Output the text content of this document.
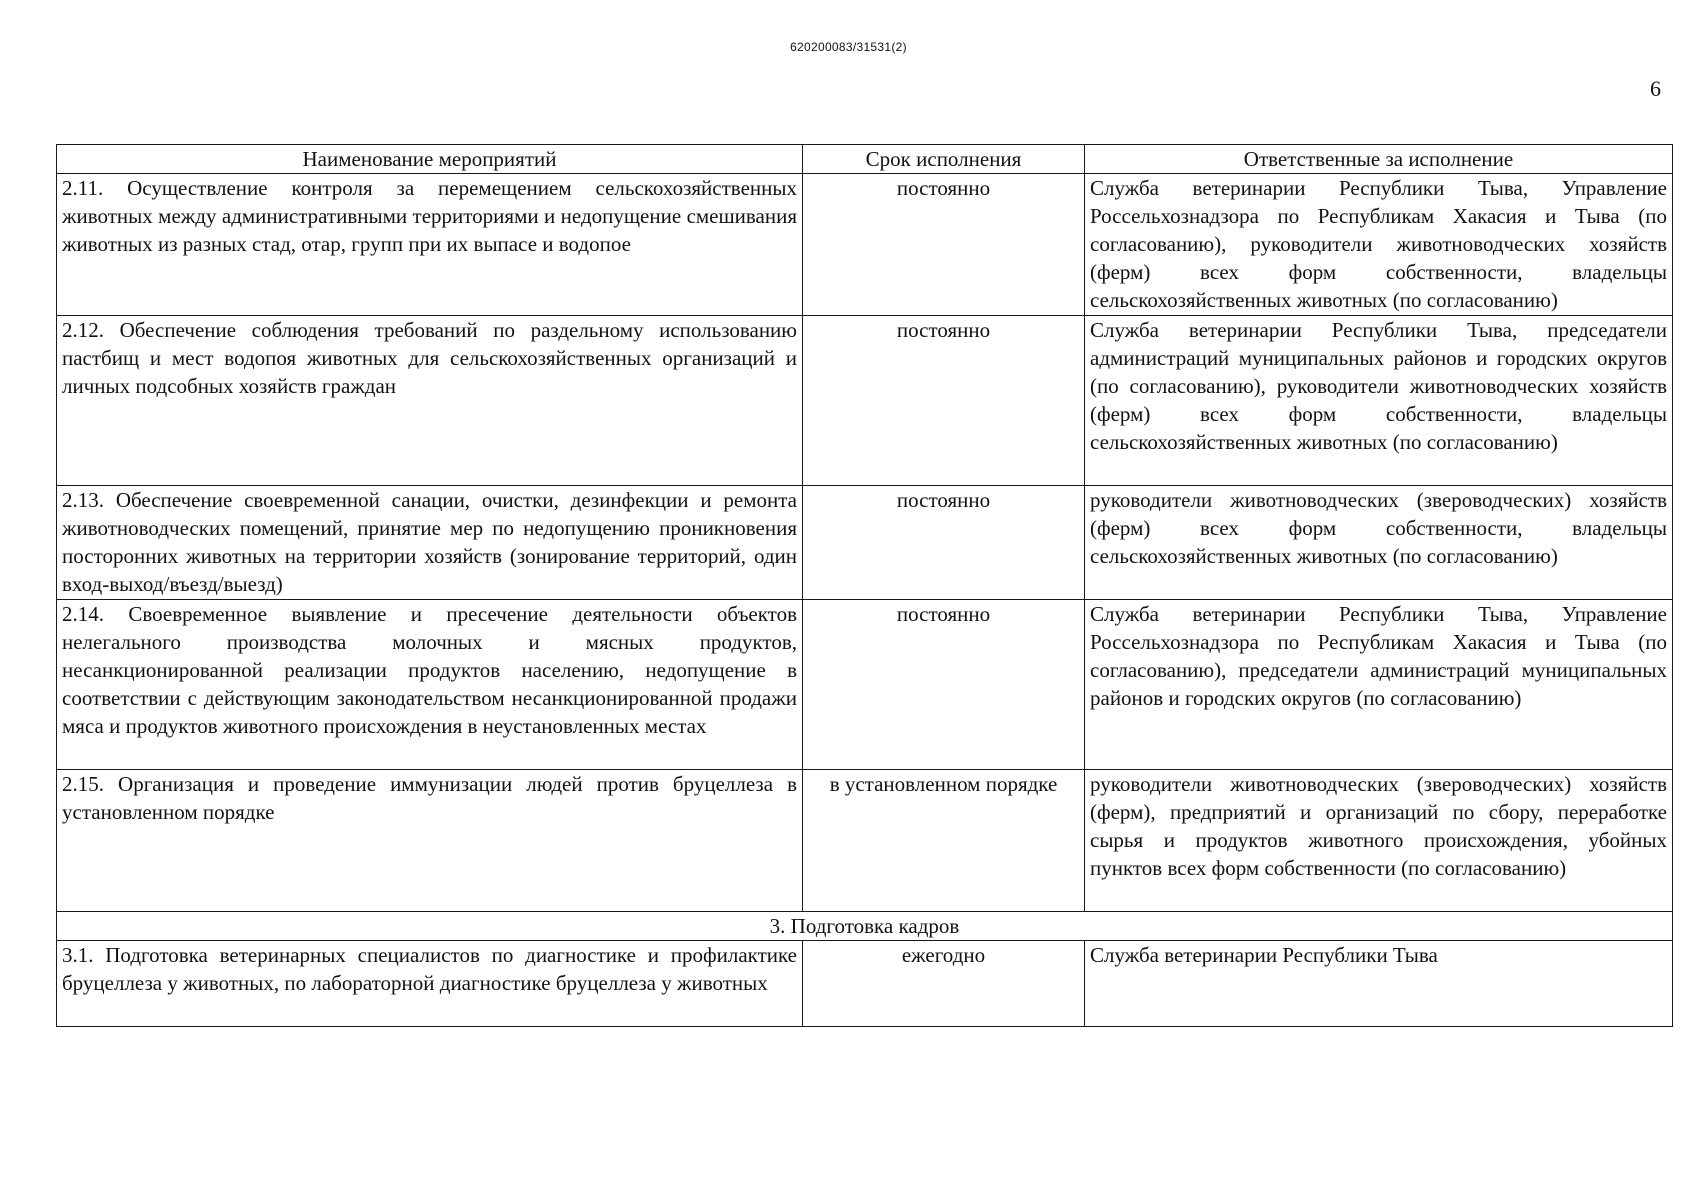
620200083/31531(2)
6
Наименование мероприятий	Срок исполнения	Ответственные за исполнение
2.11. Осуществление контроля за перемещением сельскохозяйственных животных между административными территориями и недопущение смешивания животных из разных стад, отар, групп при их выпасе и водопое	постоянно	Служба ветеринарии Республики Тыва, Управление Россельхознадзора по Республикам Хакасия и Тыва (по согласованию), руководители животноводческих хозяйств (ферм) всех форм собственности, владельцы сельскохозяйственных животных (по согласованию)
2.12. Обеспечение соблюдения требований по раздельному использованию пастбищ и мест водопоя животных для сельскохозяйственных организаций и личных подсобных хозяйств граждан	постоянно	Служба ветеринарии Республики Тыва, председатели администраций муниципальных районов и городских округов (по согласованию), руководители животноводческих хозяйств (ферм) всех форм собственности, владельцы сельскохозяйственных животных (по согласованию)
2.13. Обеспечение своевременной санации, очистки, дезинфекции и ремонта животноводческих помещений, принятие мер по недопущению проникновения посторонних животных на территории хозяйств (зонирование территорий, один вход-выход/въезд/выезд)	постоянно	руководители животноводческих (звероводческих) хозяйств (ферм) всех форм собственности, владельцы сельскохозяйственных животных (по согласованию)
2.14. Своевременное выявление и пресечение деятельности объектов нелегального производства молочных и мясных продуктов, несанкционированной реализации продуктов населению, недопущение в соответствии с действующим законодательством несанкционированной продажи мяса и продуктов животного происхождения в неустановленных местах	постоянно	Служба ветеринарии Республики Тыва, Управление Россельхознадзора по Республикам Хакасия и Тыва (по согласованию), председатели администраций муниципальных районов и городских округов (по согласованию)
2.15. Организация и проведение иммунизации людей против бруцеллеза в установленном порядке	в установленном порядке	руководители животноводческих (звероводческих) хозяйств (ферм), предприятий и организаций по сбору, переработке сырья и продуктов животного происхождения, убойных пунктов всех форм собственности (по согласованию)
3. Подготовка кадров		
3.1. Подготовка ветеринарных специалистов по диагностике и профилактике бруцеллеза у животных, по лабораторной диагностике бруцеллеза у животных	ежегодно	Служба ветеринарии Республики Тыва
